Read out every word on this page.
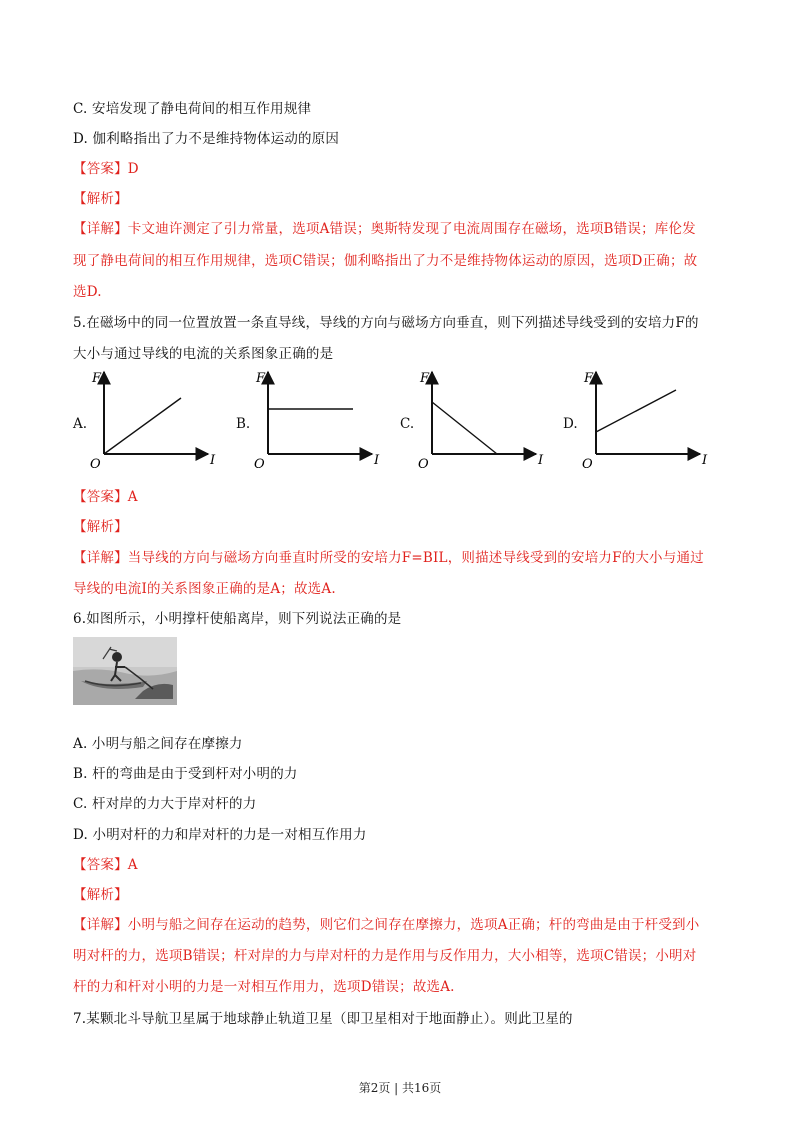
C. 安培发现了静电荷间的相互作用规律
D. 伽利略指出了力不是维持物体运动的原因
【答案】D
【解析】
【详解】卡文迪许测定了引力常量，选项A错误；奥斯特发现了电流周围存在磁场，选项B错误；库伦发
现了静电荷间的相互作用规律，选项C错误；伽利略指出了力不是维持物体运动的原因，选项D正确；故
选D.
5.在磁场中的同一位置放置一条直导线，导线的方向与磁场方向垂直，则下列描述导线受到的安培力F的
大小与通过导线的电流的关系图象正确的是
A.
F
I
O
B.
F
I
O
C.
F
I
O
D.
F
I
O
【答案】A
【解析】
【详解】当导线的方向与磁场方向垂直时所受的安培力F=BIL，则描述导线受到的安培力F的大小与通过
导线的电流I的关系图象正确的是A；故选A.
6.如图所示，小明撑杆使船离岸，则下列说法正确的是
A. 小明与船之间存在摩擦力
B. 杆的弯曲是由于受到杆对小明的力
C. 杆对岸的力大于岸对杆的力
D. 小明对杆的力和岸对杆的力是一对相互作用力
【答案】A
【解析】
【详解】小明与船之间存在运动的趋势，则它们之间存在摩擦力，选项A正确；杆的弯曲是由于杆受到小
明对杆的力，选项B错误；杆对岸的力与岸对杆的力是作用与反作用力，大小相等，选项C错误；小明对
杆的力和杆对小明的力是一对相互作用力，选项D错误；故选A.
7.某颗北斗导航卫星属于地球静止轨道卫星（即卫星相对于地面静止）。则此卫星的
第2页 | 共16页
